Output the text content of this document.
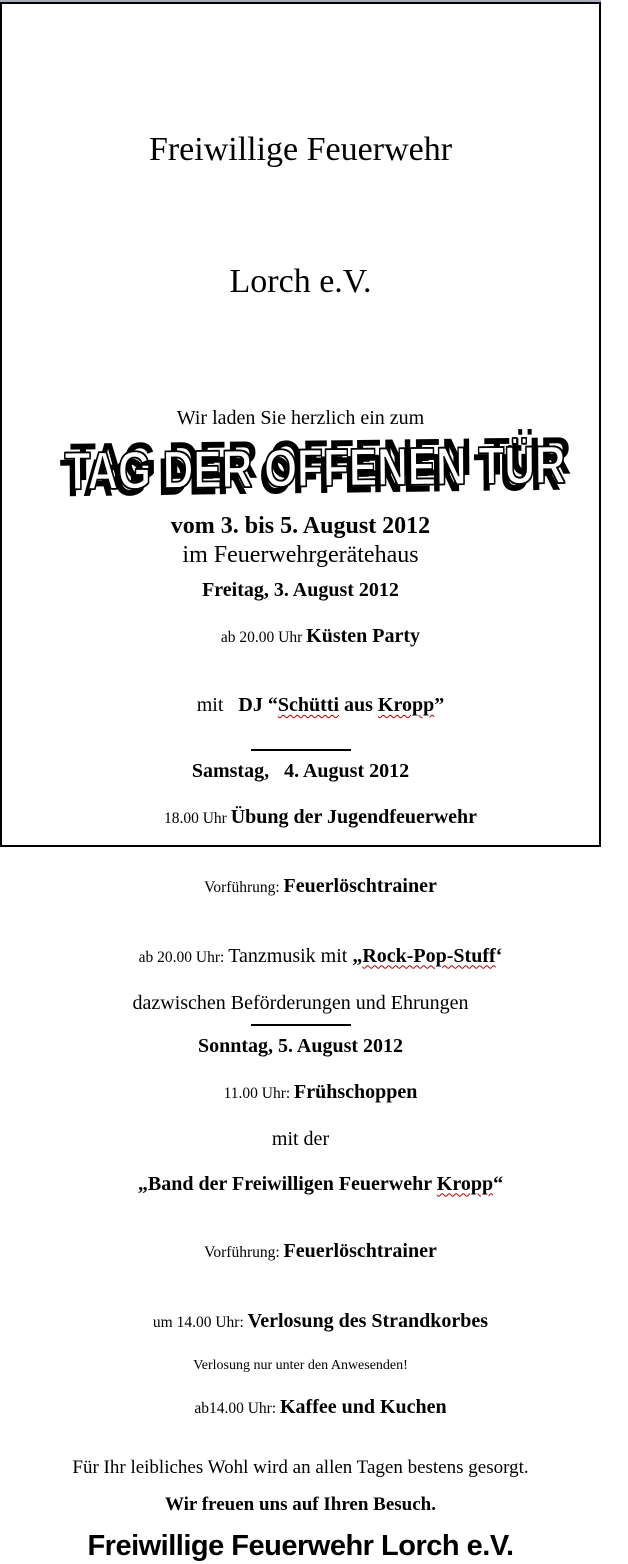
Freiwillige Feuerwehr

Lorch e.V.

Wir laden Sie herzlich ein zum
TAG DER OFFENEN TÜR
vom 3. bis 5. August 2012
im Feuerwehrgerätehaus
Freitag, 3. August 2012

ab 20.00 Uhr Küsten Party

mit   DJ “Schütti aus Kropp”

Samstag,   4. August 2012

18.00 Uhr Übung der Jugendfeuerwehr

Vorführung: Feuerlöschtrainer

ab 20.00 Uhr: Tanzmusik mit „Rock-Pop-Stuff‘

dazwischen Beförderungen und Ehrungen
Sonntag, 5. August 2012

11.00 Uhr: Frühschoppen

mit der

„Band der Freiwilligen Feuerwehr Kropp“

Vorführung: Feuerlöschtrainer

um 14.00 Uhr: Verlosung des Strandkorbes

Verlosung nur unter den Anwesenden!

ab14.00 Uhr: Kaffee und Kuchen

Für Ihr leibliches Wohl wird an allen Tagen bestens gesorgt.
Wir freuen uns auf Ihren Besuch.
Freiwillige Feuerwehr Lorch e.V.
